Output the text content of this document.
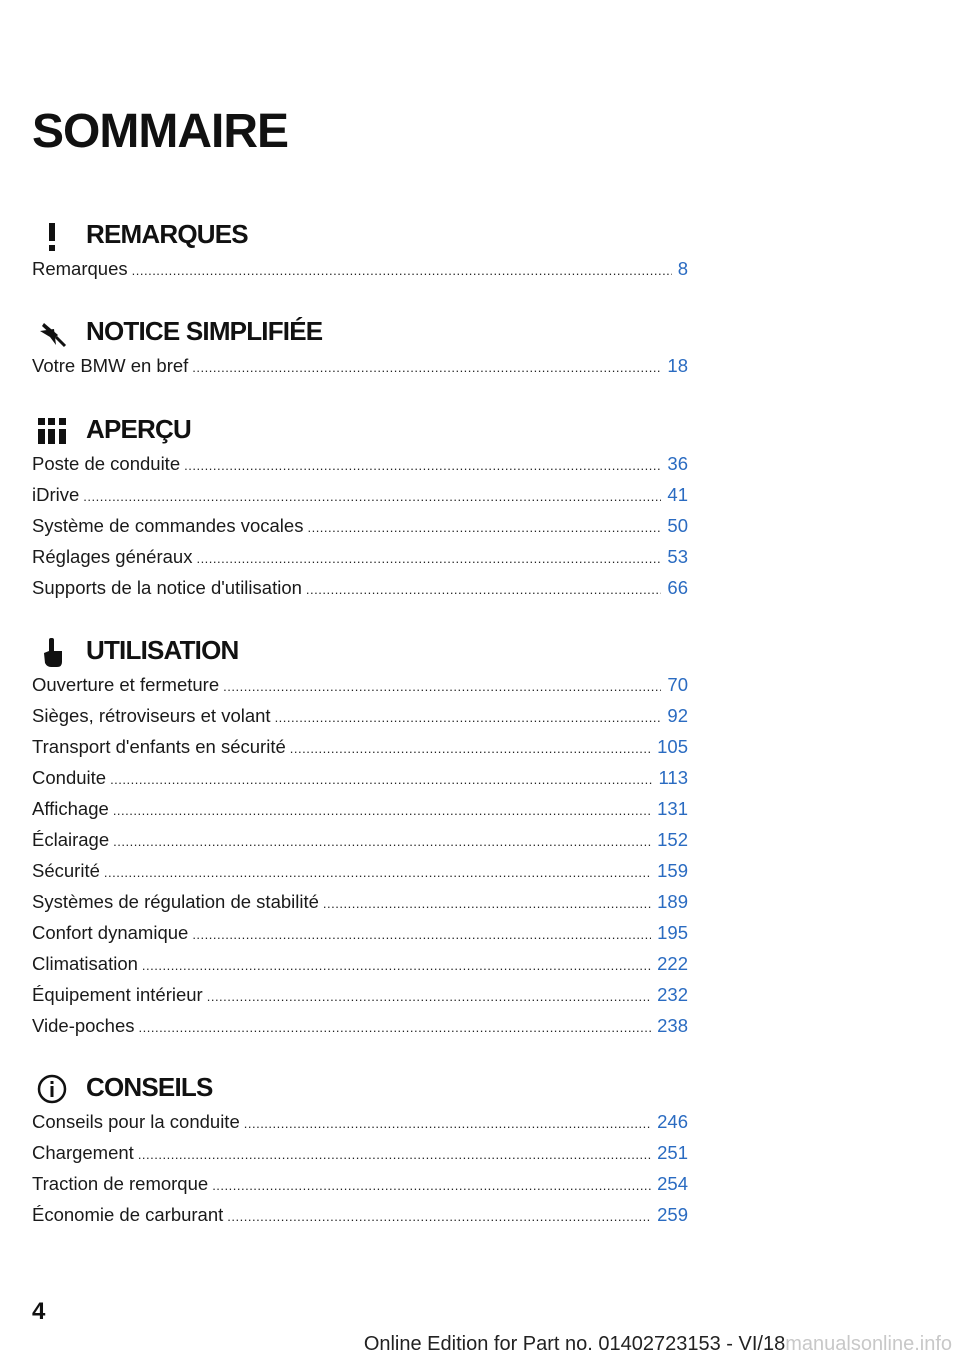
SOMMAIRE
REMARQUES
Remarques .....	8
NOTICE SIMPLIFIÉE
Votre BMW en bref .....	18
APERÇU
Poste de conduite .....	36
iDrive .....	41
Système de commandes vocales .....	50
Réglages généraux .....	53
Supports de la notice d'utilisation .....	66
UTILISATION
Ouverture et fermeture .....	70
Sièges, rétroviseurs et volant .....	92
Transport d'enfants en sécurité .....	105
Conduite .....	113
Affichage .....	131
Éclairage .....	152
Sécurité .....	159
Systèmes de régulation de stabilité .....	189
Confort dynamique .....	195
Climatisation .....	222
Équipement intérieur .....	232
Vide-poches .....	238
CONSEILS
Conseils pour la conduite .....	246
Chargement .....	251
Traction de remorque .....	254
Économie de carburant .....	259
4
Online Edition for Part no. 01402723153 - VI/18manualsonline.info
